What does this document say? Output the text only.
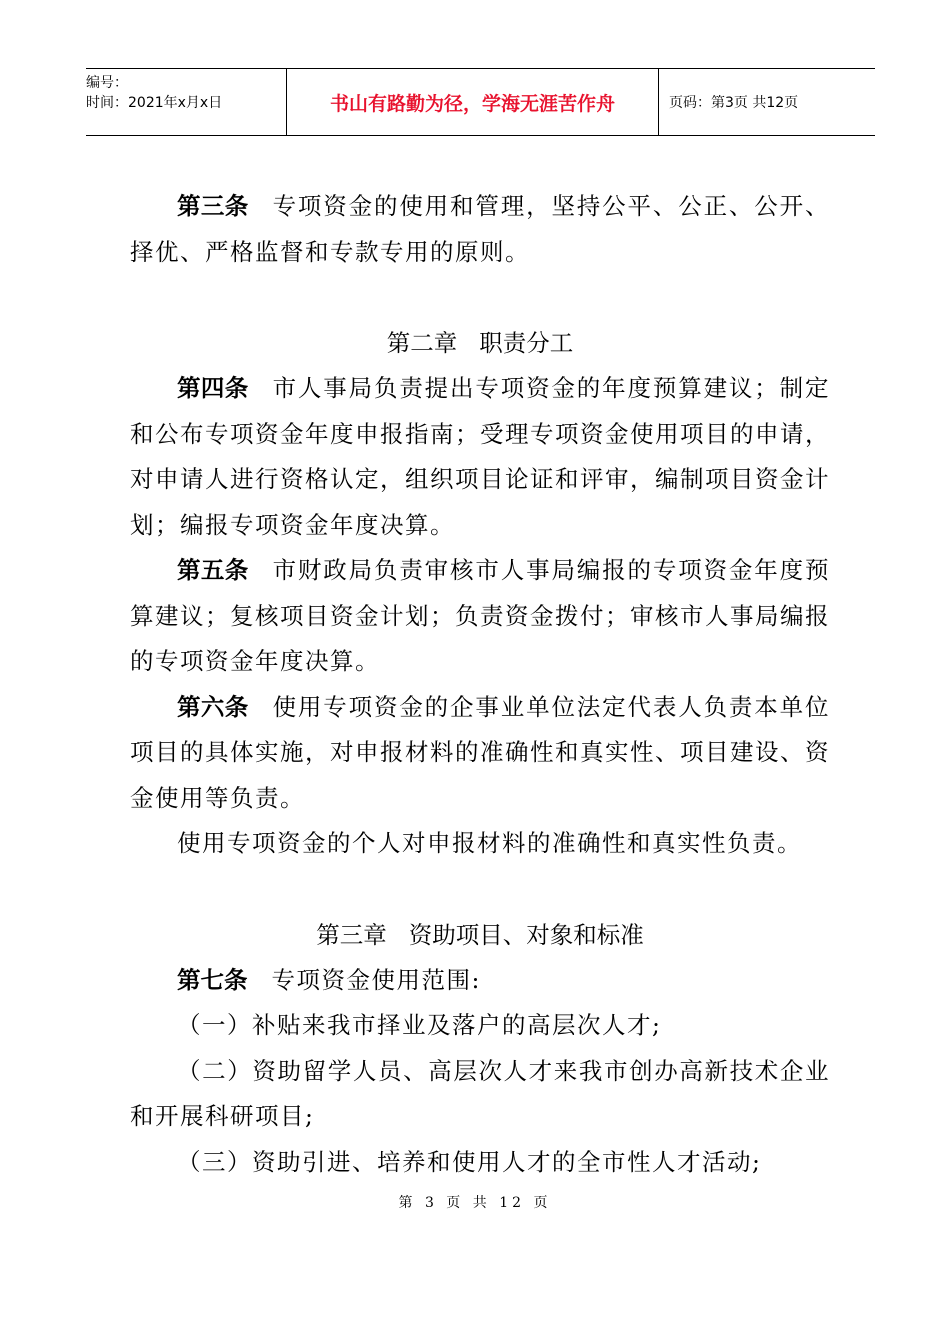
编号：
时间：2021年x月x日	书山有路勤为径，学海无涯苦作舟	页码：第3页 共12页

第三条 专项资金的使用和管理，坚持公平、公正、公开、择优、严格监督和专款专用的原则。

第二章 职责分工

第四条 市人事局负责提出专项资金的年度预算建议；制定和公布专项资金年度申报指南；受理专项资金使用项目的申请，对申请人进行资格认定，组织项目论证和评审，编制项目资金计划；编报专项资金年度决算。

第五条 市财政局负责审核市人事局编报的专项资金年度预算建议；复核项目资金计划；负责资金拨付；审核市人事局编报的专项资金年度决算。

第六条 使用专项资金的企事业单位法定代表人负责本单位项目的具体实施，对申报材料的准确性和真实性、项目建设、资金使用等负责。

使用专项资金的个人对申报材料的准确性和真实性负责。

第三章 资助项目、对象和标准

第七条 专项资金使用范围:

（一）补贴来我市择业及落户的高层次人才;

（二）资助留学人员、高层次人才来我市创办高新技术企业和开展科研项目;

（三）资助引进、培养和使用人才的全市性人才活动;

第 3 页 共 12 页
